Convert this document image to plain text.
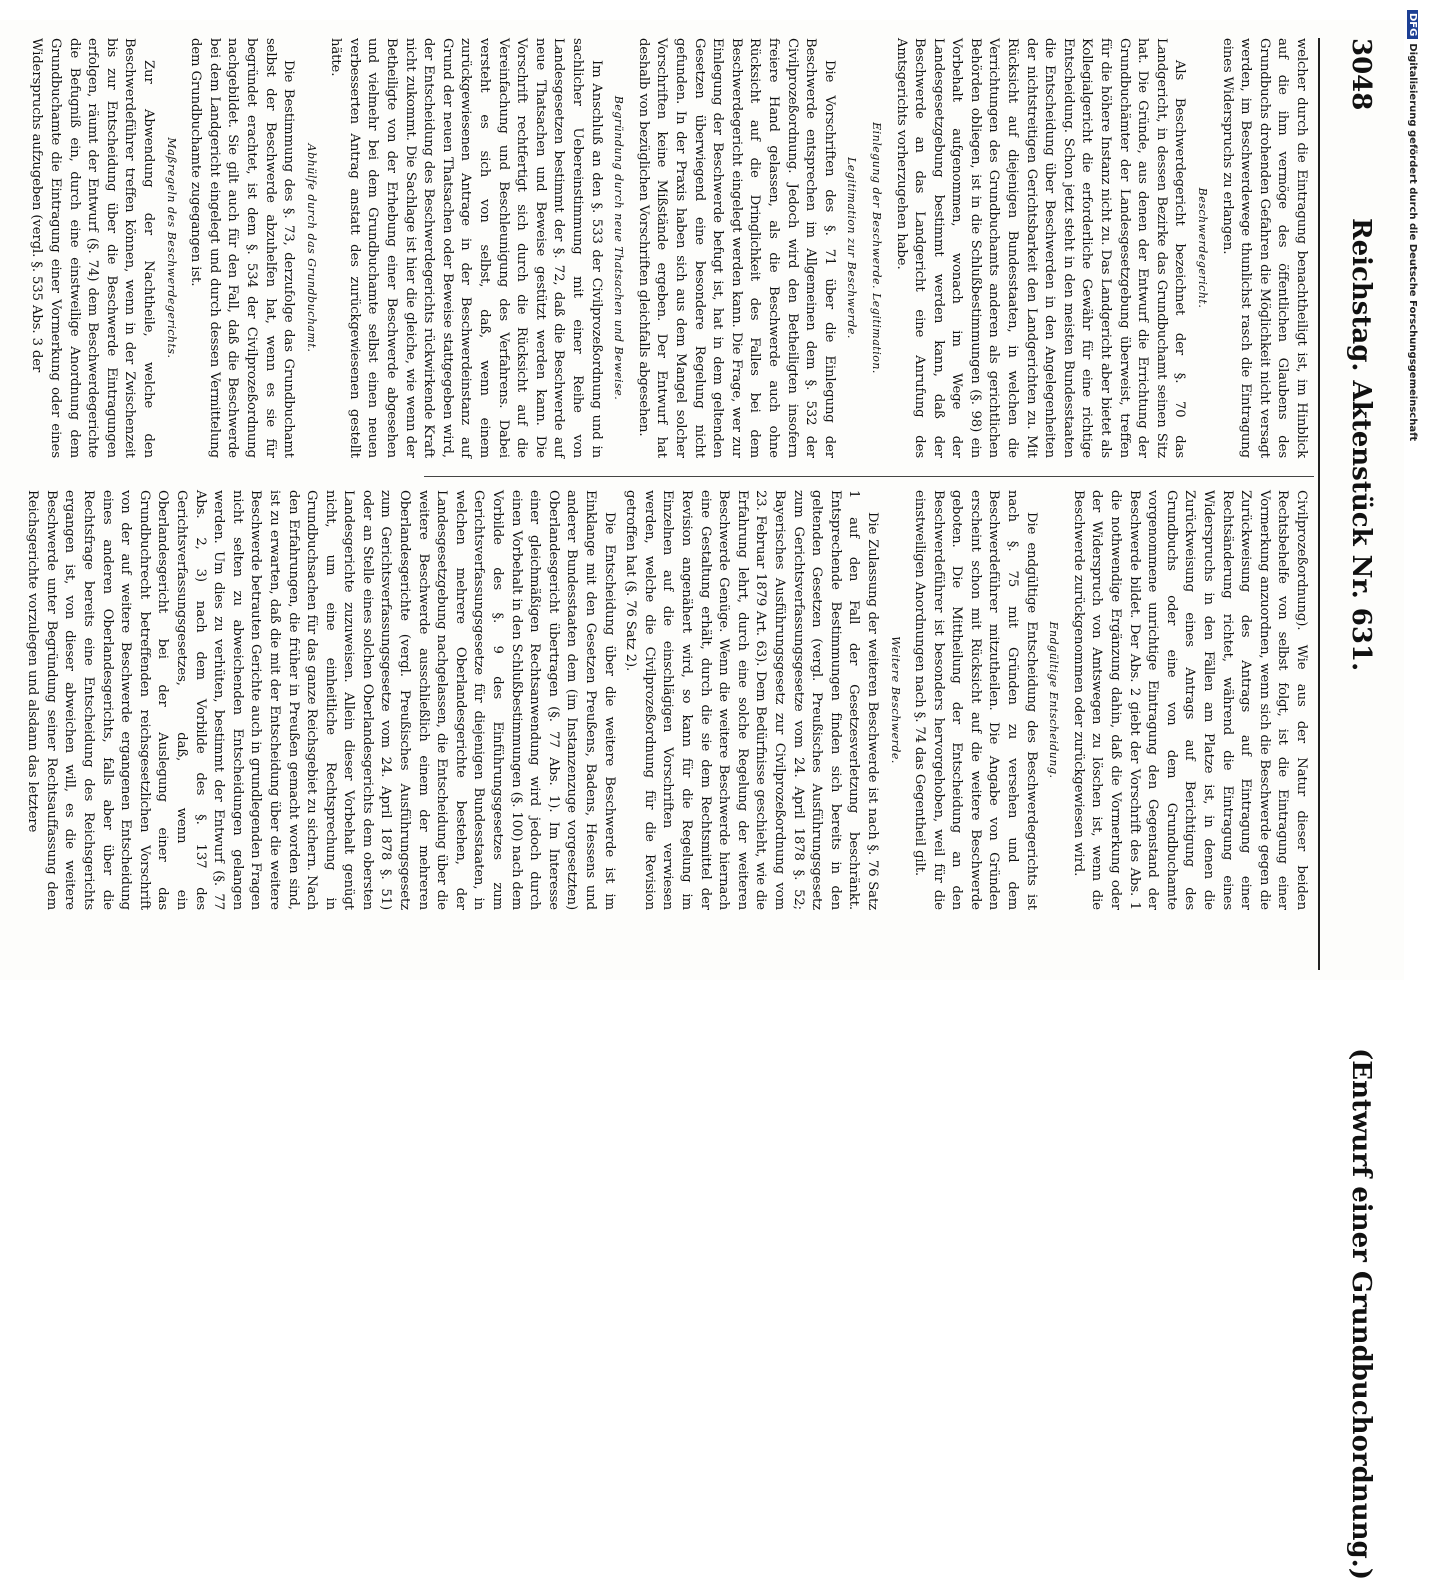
3048
Reichstag. Aktenstück Nr. 631.
(Entwurf einer Grundbuchordnung.)

welcher durch die Eintragung benachtheiligt ist, im Hinblick auf die ihm vermöge des öffentlichen Glaubens des Grundbuchs drohenden Gefahren die Möglichkeit nicht versagt werden, im Beschwerdewege thunlichst rasch die Eintragung eines Widerspruchs zu erlangen.

Beschwerdegericht.

Als Beschwerdegericht bezeichnet der §. 70 das Landgericht, in dessen Bezirke das Grundbuchamt seinen Sitz hat. Die Gründe, aus denen der Entwurf die Errichtung der Grundbuchämter der Landesgesetzgebung überweist, treffen für die höhere Instanz nicht zu. Das Landgericht aber bietet als Kollegialgericht die erforderliche Gewähr für eine richtige Entscheidung. Schon jetzt steht in den meisten Bundesstaaten die Entscheidung über Beschwerden in den Angelegenheiten der nichtstreitigen Gerichtsbarkeit den Landgerichten zu. Mit Rücksicht auf diejenigen Bundesstaaten, in welchen die Verrichtungen des Grundbuchamts anderen als gerichtlichen Behörden obliegen, ist in die Schlußbestimmungen (§. 98) ein Vorbehalt aufgenommen, wonach im Wege der Landesgesetzgebung bestimmt werden kann, daß der Beschwerde an das Landgericht eine Anrufung des Amtsgerichts vorherzugehen habe.

Einlegung der Beschwerde. Legitimation.
Legitimation zur Beschwerde.

Die Vorschriften des §. 71 über die Einlegung der Beschwerde entsprechen im Allgemeinen dem §. 532 der Civilprozeßordnung. Jedoch wird den Betheiligten insofern freiere Hand gelassen, als die Beschwerde auch ohne Rücksicht auf die Dringlichkeit des Falles bei dem Beschwerdegericht eingelegt werden kann. Die Frage, wer zur Einlegung der Beschwerde befugt ist, hat in dem geltenden Gesetzen überwiegend eine besondere Regelung nicht gefunden. In der Praxis haben sich aus dem Mangel solcher Vorschriften keine Mißstände ergeben. Der Entwurf hat deshalb von bezüglichen Vorschriften gleichfalls abgesehen.

Begründung durch neue Thatsachen und Beweise.

Im Anschluß an den §. 533 der Civilprozeßordnung und in sachlicher Uebereinstimmung mit einer Reihe von Landesgesetzen bestimmt der §. 72, daß die Beschwerde auf neue Thatsachen und Beweise gestützt werden kann. Die Vorschrift rechtfertigt sich durch die Rücksicht auf die Vereinfachung und Beschleunigung des Verfahrens. Dabei versteht es sich von selbst, daß, wenn einem zurückgewiesenen Antrage in der Beschwerdeinstanz auf Grund der neuen Thatsachen oder Beweise stattgegeben wird, der Entscheidung des Beschwerdegerichts rückwirkende Kraft nicht zukommt. Die Sachlage ist hier die gleiche, wie wenn der Betheiligte von der Erhebung einer Beschwerde abgesehen und vielmehr bei dem Grundbuchamte selbst einen neuen verbesserten Antrag anstatt des zurückgewiesenen gestellt hätte.

Abhülfe durch das Grundbuchamt.

Die Bestimmung des §. 73, derzufolge das Grundbuchamt selbst der Beschwerde abzuhelfen hat, wenn es sie für begründet erachtet, ist dem §. 534 der Civilprozeßordnung nachgebildet. Sie gilt auch für den Fall, daß die Beschwerde bei dem Landgericht eingelegt und durch dessen Vermittelung dem Grundbuchamte zugegangen ist.

Maßregeln des Beschwerdegerichts.

Zur Abwendung der Nachtheile, welche den Beschwerdeführer treffen können, wenn in der Zwischenzeit bis zur Entscheidung über die Beschwerde Eintragungen erfolgen, räumt der Entwurf (§. 74) dem Beschwerdegerichte die Befugniß ein, durch eine einstweilige Anordnung dem Grundbuchamte die Eintragung einer Vormerkung oder eines Widerspruchs aufzugeben (vergl. §. 535 Abs. 3 der

Civilprozeßordnung). Wie aus der Natur dieser beiden Rechtsbehelfe von selbst folgt, ist die Eintragung einer Vormerkung anzuordnen, wenn sich die Beschwerde gegen die Zurückweisung des Antrags auf Eintragung einer Rechtsänderung richtet, während die Eintragung eines Widerspruchs in den Fällen am Platze ist, in denen die Zurückweisung eines Antrags auf Berichtigung des Grundbuchs oder eine von dem Grundbuchamte vorgenommene unrichtige Eintragung den Gegenstand der Beschwerde bildet. Der Abs. 2 giebt der Vorschrift des Abs. 1 die nothwendige Ergänzung dahin, daß die Vormerkung oder der Widerspruch von Amtswegen zu löschen ist, wenn die Beschwerde zurückgenommen oder zurückgewiesen wird.

Endgültige Entscheidung.

Die endgültige Entscheidung des Beschwerdegerichts ist nach §. 75 mit Gründen zu versehen und dem Beschwerdeführer mitzutheilen. Die Angabe von Gründen erscheint schon mit Rücksicht auf die weitere Beschwerde geboten. Die Mittheilung der Entscheidung an den Beschwerdeführer ist besonders hervorgehoben, weil für die einstweiligen Anordnungen nach §. 74 das Gegentheil gilt.

Weitere Beschwerde.

Die Zulassung der weiteren Beschwerde ist nach §. 76 Satz 1 auf den Fall der Gesetzesverletzung beschränkt. Entsprechende Bestimmungen finden sich bereits in den geltenden Gesetzen (vergl. Preußisches Ausführungsgesetz zum Gerichtsverfassungsgesetze vom 24. April 1878 §. 52; Bayerisches Ausführungsgesetz zur Civilprozeßordnung vom 23. Februar 1879 Art. 63). Dem Bedürfnisse geschieht, wie die Erfahrung lehrt, durch eine solche Regelung der weiteren Beschwerde Genüge. Wenn die weitere Beschwerde hiernach eine Gestaltung erhält, durch die sie dem Rechtsmittel der Revision angenähert wird, so kann für die Regelung im Einzelnen auf die einschlägigen Vorschriften verwiesen werden, welche die Civilprozeßordnung für die Revision getroffen hat (§. 76 Satz 2).

Die Entscheidung über die weitere Beschwerde ist im Einklange mit den Gesetzen Preußens, Badens, Hessens und anderer Bundesstaaten dem (im Instanzenzuge vorgesetzten) Oberlandesgericht übertragen (§. 77 Abs. 1). Im Interesse einer gleichmäßigen Rechtsanwendung wird jedoch durch einen Vorbehalt in den Schlußbestimmungen (§. 100) nach dem Vorbilde des §. 9 des Einführungsgesetzes zum Gerichtsverfassungsgesetze für diejenigen Bundesstaaten, in welchen mehrere Oberlandesgerichte bestehen, der Landesgesetzgebung nachgelassen, die Entscheidung über die weitere Beschwerde ausschließlich einem der mehreren Oberlandesgerichte (vergl. Preußisches Ausführungsgesetz zum Gerichtsverfassungsgesetze vom 24. April 1878 §. 51) oder an Stelle eines solchen Oberlandesgerichts dem obersten Landesgerichte zuzuweisen. Allein dieser Vorbehalt genügt nicht, um eine einheitliche Rechtsprechung in Grundbuchsachen für das ganze Reichsgebiet zu sichern. Nach den Erfahrungen, die früher in Preußen gemacht worden sind, ist zu erwarten, daß die mit der Entscheidung über die weitere Beschwerde betrauten Gerichte auch in grundlegenden Fragen nicht selten zu abweichenden Entscheidungen gelangen werden. Um dies zu verhüten, bestimmt der Entwurf (§. 77 Abs. 2, 3) nach dem Vorbilde des §. 137 des Gerichtsverfassungsgesetzes, daß, wenn ein Oberlandesgericht bei der Auslegung einer das Grundbuchrecht betreffenden reichsgesetzlichen Vorschrift von der auf weitere Beschwerde ergangenen Entscheidung eines anderen Oberlandesgerichts, falls aber über die Rechtsfrage bereits eine Entscheidung des Reichsgerichts ergangen ist, von dieser abweichen will, es die weitere Beschwerde unter Begründung seiner Rechtsauffassung dem Reichsgerichte vorzulegen und alsdann das letztere

DFGDigitalisierung gefördert durch die Deutsche Forschungsgemeinschaft
